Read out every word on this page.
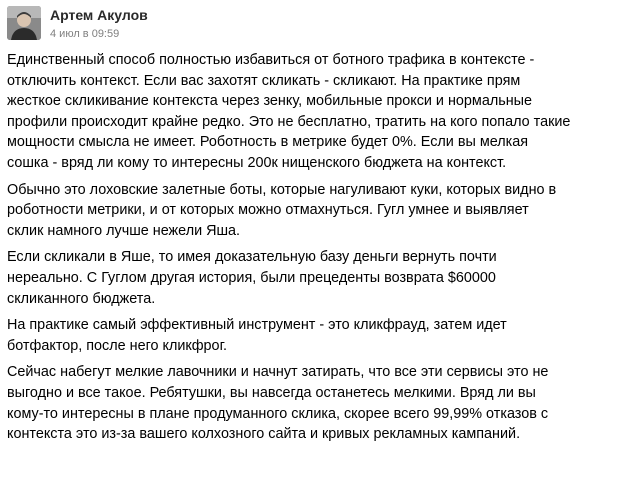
Артем Акулов
4 июл в 09:59
Единственный способ полностью избавиться от ботного трафика в контексте -
отключить контекст. Если вас захотят скликать - скликают. На практике прям
жесткое скликивание контекста через зенку, мобильные прокси и нормальные
профили происходит крайне редко. Это не бесплатно, тратить на кого попало такие
мощности смысла не имеет. Роботность в метрике будет 0%. Если вы мелкая
сошка - вряд ли кому то интересны 200к нищенского бюджета на контекст.
Обычно это лоховские залетные боты, которые нагуливают куки, которых видно в
роботности метрики, и от которых можно отмахнуться. Гугл умнее и выявляет
склик намного лучше нежели Яша.
Если скликали в Яше, то имея доказательную базу деньги вернуть почти
нереально. С Гуглом другая история, были прецеденты возврата $60000
скликанного бюджета.
На практике самый эффективный инструмент - это кликфрауд, затем идет
ботфактор, после него кликфрог.
Сейчас набегут мелкие лавочники и начнут затирать, что все эти сервисы это не
выгодно и все такое. Ребятушки, вы навсегда останетесь мелкими. Вряд ли вы
кому-то интересны в плане продуманного склика, скорее всего 99,99% отказов с
контекста это из-за вашего колхозного сайта и кривых рекламных кампаний.
